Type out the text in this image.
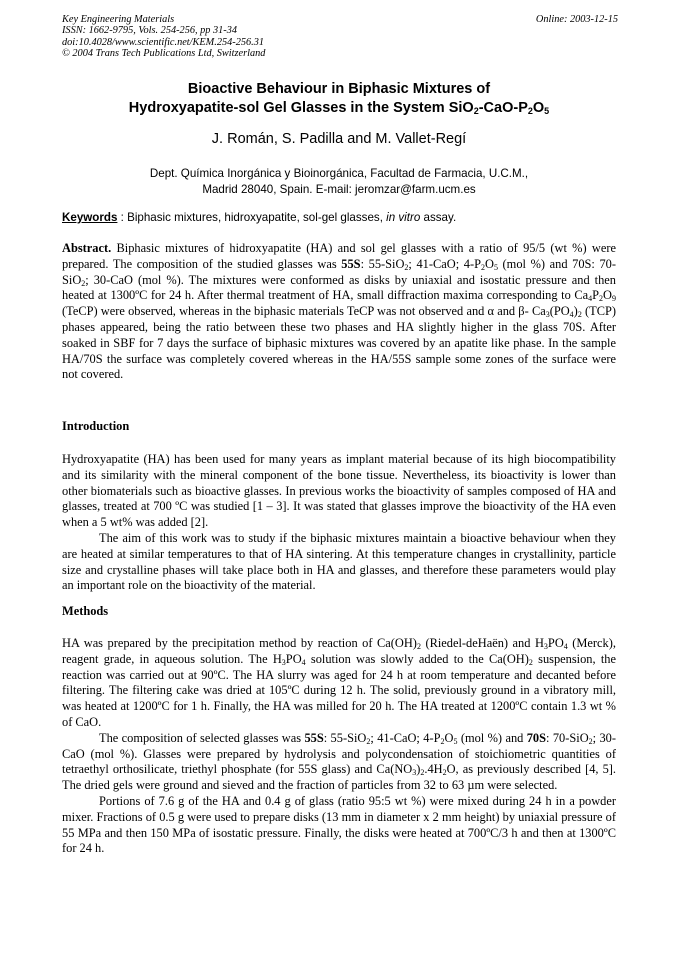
Key Engineering Materials
ISSN: 1662-9795, Vols. 254-256, pp 31-34
doi:10.4028/www.scientific.net/KEM.254-256.31
© 2004 Trans Tech Publications Ltd, Switzerland
Online: 2003-12-15
Bioactive Behaviour in Biphasic Mixtures of
Hydroxyapatite-sol Gel Glasses in the System SiO2-CaO-P2O5
J. Román, S. Padilla and M. Vallet-Regí
Dept. Química Inorgánica y Bioinorgánica, Facultad de Farmacia, U.C.M.,
Madrid 28040, Spain. E-mail: jeromzar@farm.ucm.es
Keywords : Biphasic mixtures, hidroxyapatite, sol-gel glasses, in vitro assay.
Abstract. Biphasic mixtures of hidroxyapatite (HA) and sol gel glasses with a ratio of 95/5 (wt %) were prepared. The composition of the studied glasses was 55S: 55-SiO$_2$; 41-CaO; $4-P_2O_5$ (mol %) and 70S: 70-SiO$_2$; 30-CaO (mol %). The mixtures were conformed as disks by uniaxial and isostatic pressure and then heated at 1300ºC for 24 h. After thermal treatment of HA, small diffraction maxima corresponding to $Ca_4P_2O_9$ (TeCP) were observed, whereas in the biphasic materials TeCP was not observed and α and β- $Ca_3(PO_4)_2$ (TCP) phases appeared, being the ratio between these two phases and HA slightly higher in the glass 70S. After soaked in SBF for 7 days the surface of biphasic mixtures was covered by an apatite like phase. In the sample HA/70S the surface was completely covered whereas in the HA/55S sample some zones of the surface were not covered.
Introduction

Hydroxyapatite (HA) has been used for many years as implant material because of its high biocompatibility and its similarity with the mineral component of the bone tissue. Nevertheless, its bioactivity is lower than other biomaterials such as bioactive glasses. In previous works the bioactivity of samples composed of HA and glasses, treated at 700 ºC was studied [1 – 3]. It was stated that glasses improve the bioactivity of the HA even when a 5 wt% was added [2].

The aim of this work was to study if the biphasic mixtures maintain a bioactive behaviour when they are heated at similar temperatures to that of HA sintering. At this temperature changes in crystallinity, particle size and crystalline phases will take place both in HA and glasses, and therefore these parameters would play an important role on the bioactivity of the material.

Methods

HA was prepared by the precipitation method by reaction of $Ca(OH)_2$ (Riedel-deHaën) and $H_3PO_4$ (Merck), reagent grade, in aqueous solution. The $H_3PO_4$ solution was slowly added to the $Ca(OH)_2$ suspension, the reaction was carried out at 90ºC. The HA slurry was aged for 24 h at room temperature and decanted before filtering. The filtering cake was dried at 105ºC during 12 h. The solid, previously ground in a vibratory mill, was heated at 1200ºC for 1 h. Finally, the HA was milled for 20 h. The HA treated at 1200ºC contain 1.3 wt % of CaO.

The composition of selected glasses was 55S: 55-SiO$_2$; 41-CaO; $4-P_2O_5$ (mol %) and 70S: 70-SiO$_2$; 30-CaO (mol %). Glasses were prepared by hydrolysis and polycondensation of stoichiometric quantities of tetraethyl orthosilicate, triethyl phosphate (for 55S glass) and $Ca(NO_3)_2.4H_2O$, as previously described [4, 5]. The dried gels were ground and sieved and the fraction of particles from 32 to 63 µm were selected.

Portions of 7.6 g of the HA and 0.4 g of glass (ratio 95:5 wt %) were mixed during 24 h in a powder mixer. Fractions of 0.5 g were used to prepare disks (13 mm in diameter x 2 mm height) by uniaxial pressure of 55 MPa and then 150 MPa of isostatic pressure. Finally, the disks were heated at 700ºC/3 h and then at 1300ºC for 24 h.
